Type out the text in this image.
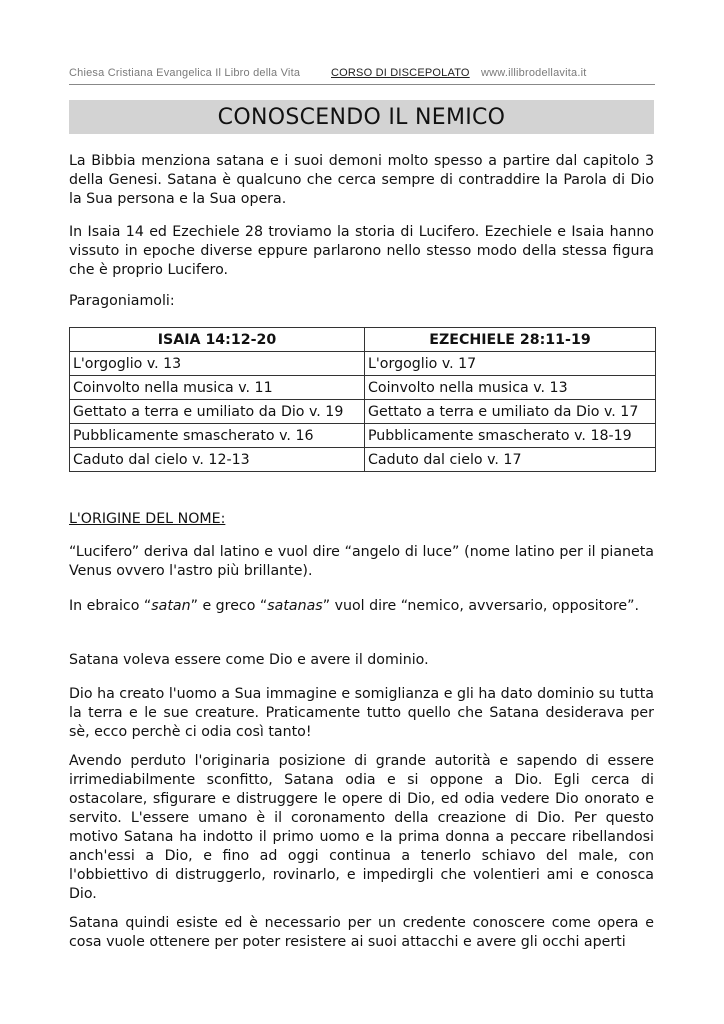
Chiesa Cristiana Evangelica Il Libro della Vita	CORSO DI DISCEPOLATO www.illibrodellavita.it
CONOSCENDO IL NEMICO

La Bibbia menziona satana e i suoi demoni molto spesso a partire dal capitolo 3 della Genesi. Satana è qualcuno che cerca sempre di contraddire la Parola di Dio la Sua persona e la Sua opera.

In Isaia 14 ed Ezechiele 28 troviamo la storia di Lucifero. Ezechiele e Isaia hanno vissuto in epoche diverse eppure parlarono nello stesso modo della stessa figura che è proprio Lucifero.

Paragoniamoli:

ISAIA 14:12-20	EZECHIELE 28:11-19
L'orgoglio v. 13	L'orgoglio v. 17
Coinvolto nella musica v. 11	Coinvolto nella musica v. 13
Gettato a terra e umiliato da Dio v. 19	Gettato a terra e umiliato da Dio v. 17
Pubblicamente smascherato v. 16	Pubblicamente smascherato v. 18-19
Caduto dal cielo v. 12-13	Caduto dal cielo v. 17

L'ORIGINE DEL NOME:

“Lucifero” deriva dal latino e vuol dire “angelo di luce” (nome latino per il pianeta Venus ovvero l'astro più brillante).

In ebraico “satan” e greco “satanas” vuol dire “nemico, avversario, oppositore”.

Satana voleva essere come Dio e avere il dominio.

Dio ha creato l'uomo a Sua immagine e somiglianza e gli ha dato dominio su tutta la terra e le sue creature. Praticamente tutto quello che Satana desiderava per sè, ecco perchè ci odia così tanto!

Avendo perduto l'originaria posizione di grande autorità e sapendo di essere irrimediabilmente sconfitto, Satana odia e si oppone a Dio. Egli cerca di ostacolare, sfigurare e distruggere le opere di Dio, ed odia vedere Dio onorato e servito. L'essere umano è il coronamento della creazione di Dio. Per questo motivo Satana ha indotto il primo uomo e la prima donna a peccare ribellandosi anch'essi a Dio, e fino ad oggi continua a tenerlo schiavo del male, con l'obbiettivo di distruggerlo, rovinarlo, e impedirgli che volentieri ami e conosca Dio.

Satana quindi esiste ed è necessario per un credente conoscere come opera e cosa vuole ottenere per poter resistere ai suoi attacchi e avere gli occhi aperti
